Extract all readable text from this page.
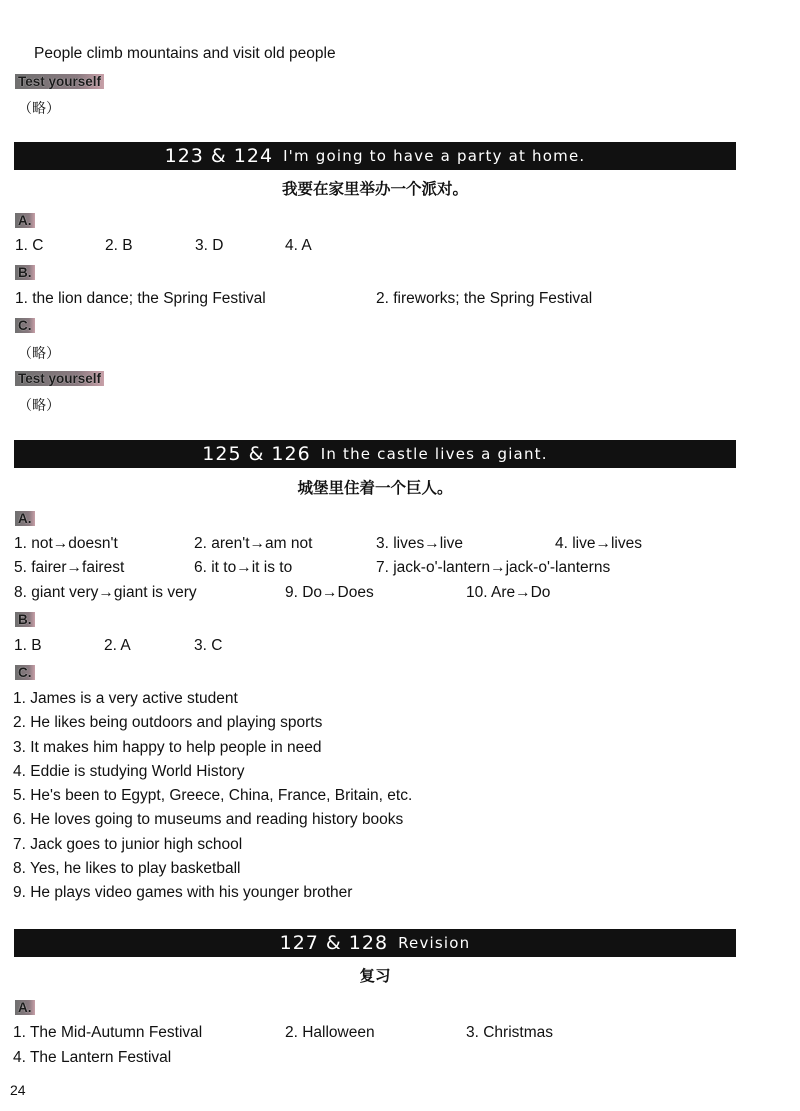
People climb mountains and visit old people
Test yourself
（略）
123 & 124 I'm going to have a party at home.
我要在家里举办一个派对。
A.
1. C	2. B	3. D	4. A
B.
1. the lion dance; the Spring Festival	2. fireworks; the Spring Festival
C.
（略）
Test yourself
（略）
125 & 126 In the castle lives a giant.
城堡里住着一个巨人。
A.
1. not→doesn't	2. aren't→am not	3. lives→live	4. live→lives
5. fairer→fairest	6. it to→it is to	7. jack-o'-lantern→jack-o'-lanterns
8. giant very→giant is very	9. Do→Does	10. Are→Do
B.
1. B	2. A	3. C
C.
1. James is a very active student
2. He likes being outdoors and playing sports
3. It makes him happy to help people in need
4. Eddie is studying World History
5. He's been to Egypt, Greece, China, France, Britain, etc.
6. He loves going to museums and reading history books
7. Jack goes to junior high school
8. Yes, he likes to play basketball
9. He plays video games with his younger brother
127 & 128 Revision
复习
A.
1. The Mid-Autumn Festival	2. Halloween	3. Christmas
4. The Lantern Festival
24
